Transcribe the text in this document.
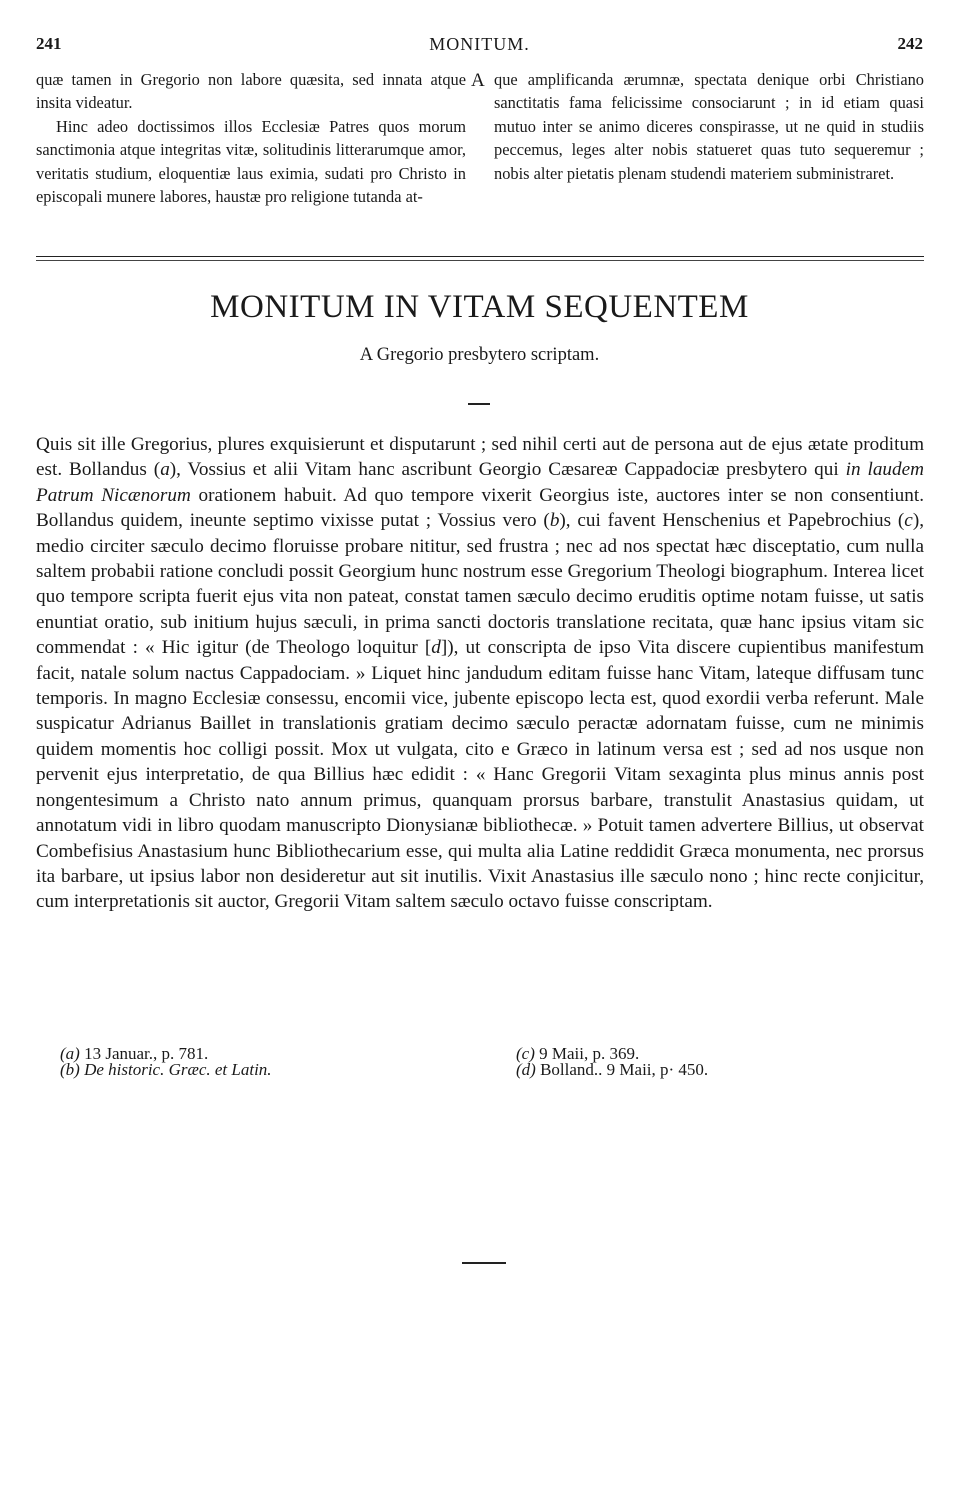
241	MONITUM.	242

quæ tamen in Gregorio non labore quæsita, sed innata atque insita videatur.

Hinc adeo doctissimos illos Ecclesiæ Patres quos morum sanctimonia atque integritas vitæ, solitudinis litterarumque amor, veritatis studium, eloquentiæ laus eximia, sudati pro Christo in episcopali munere labores, haustæ pro religione tutanda at-

A que amplificanda ærumnæ, spectata denique orbi Christiano sanctitatis fama felicissime consociarunt ; in id etiam quasi mutuo inter se animo diceres conspirasse, ut ne quid in studiis peccemus, leges alter nobis statueret quas tuto sequeremur ; nobis alter pietatis plenam studendi materiem subministraret.

MONITUM IN VITAM SEQUENTEM
A Gregorio presbytero scriptam.

Quis sit ille Gregorius, plures exquisierunt et disputarunt ; sed nihil certi aut de persona aut de ejus ætate proditum est. Bollandus (a), Vossius et alii Vitam hanc ascribunt Georgio Cæsareæ Cappadociæ presbytero qui in laudem Patrum Nicænorum orationem habuit. Ad quo tempore vixerit Georgius iste, auctores inter se non consentiunt. Bollandus quidem, ineunte septimo vixisse putat ; Vossius vero (b), cui favent Henschenius et Papebrochius (c), medio circiter sæculo decimo floruisse probare nititur, sed frustra ; nec ad nos spectat hæc disceptatio, cum nulla saltem probabii ratione concludi possit Georgium hunc nostrum esse Gregorium Theologi biographum. Interea licet quo tempore scripta fuerit ejus vita non pateat, constat tamen sæculo decimo eruditis optime notam fuisse, ut satis enuntiat oratio, sub initium hujus sæculi, in prima sancti doctoris translatione recitata, quæ hanc ipsius vitam sic commendat : « Hic igitur (de Theologo loquitur [d]), ut conscripta de ipso Vita discere cupientibus manifestum facit, natale solum nactus Cappadociam. » Liquet hinc jandudum editam fuisse hanc Vitam, lateque diffusam tunc temporis. In magno Ecclesiæ consessu, encomii vice, jubente episcopo lecta est, quod exordii verba referunt. Male suspicatur Adrianus Baillet in translationis gratiam decimo sæculo peractæ adornatam fuisse, cum ne minimis quidem momentis hoc colligi possit. Mox ut vulgata, cito e Græco in latinum versa est ; sed ad nos usque non pervenit ejus interpretatio, de qua Billius hæc edidit : « Hanc Gregorii Vitam sexaginta plus minus annis post nongentesimum a Christo nato annum primus, quanquam prorsus barbare, transtulit Anastasius quidam, ut annotatum vidi in libro quodam manuscripto Dionysianæ bibliothecæ. » Potuit tamen advertere Billius, ut observat Combefisius Anastasium hunc Bibliothecarium esse, qui multa alia Latine reddidit Græca monumenta, nec prorsus ita barbare, ut ipsius labor non desideretur aut sit inutilis. Vixit Anastasius ille sæculo nono ; hinc recte conjicitur, cum interpretationis sit auctor, Gregorii Vitam saltem sæculo octavo fuisse conscriptam.

(a) 13 Januar., p. 781.
(b) De historic. Græc. et Latin.
(c) 9 Maii, p. 369.
(d) Bolland.. 9 Maii, p· 450.
